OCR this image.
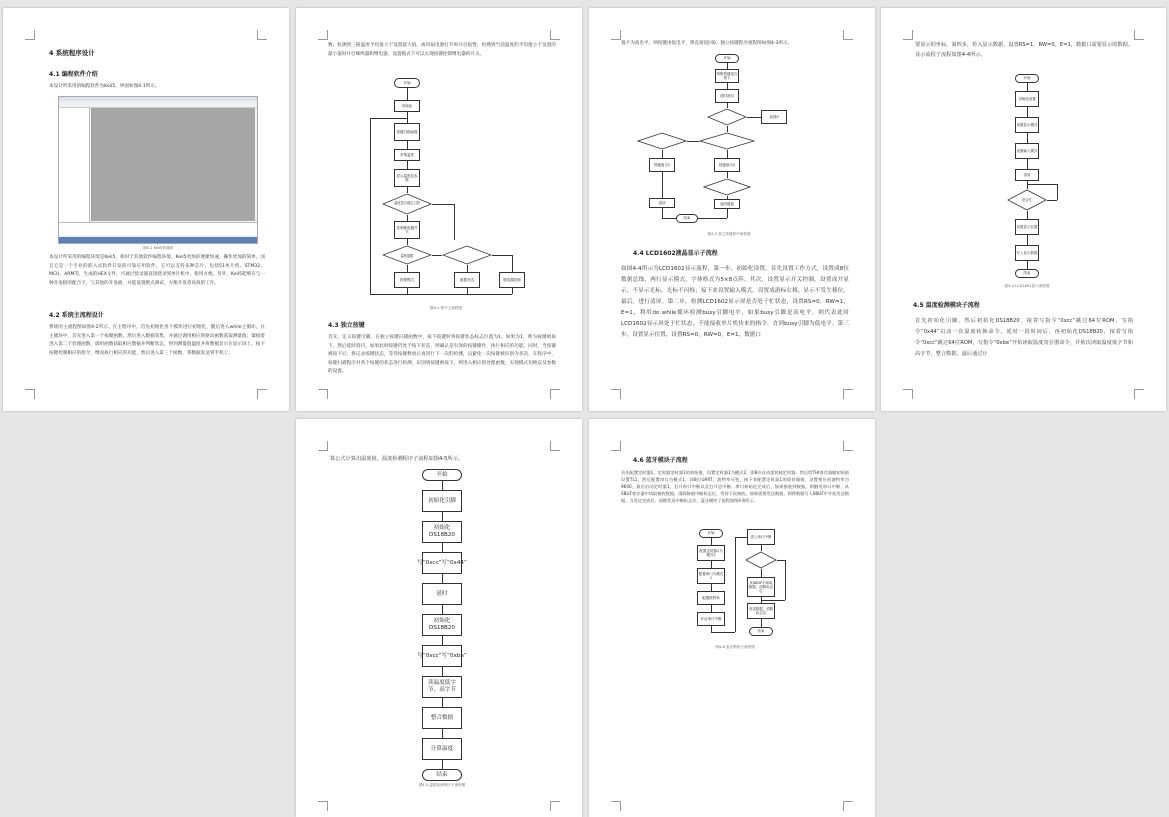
4 系统程序设计
4.1 编程软件介绍
本设计所采用的编程软件为Keil5，界面如图4-1所示。
图4-1 Keil5界面图
本设计所采用的编程环境是Keil5，相对于其他软件编程环境，Keil5更加的便捷快速，操作更加的简单，而且它是一个专业的嵌入式软件开发的可靠应用软件，它可以支持多种芯片，包括51单片机、STM32、MCU、ARM等，生成的HEX文件，可通过烧录器直接烧录到单片机中，使用方便。另外，Keil5能够在与一种开发板的配合下，与其他的开发板，并能设置断点调试，方便开发者高效的工作。
4.2 系统主流程设计
系统的主流程图如图4-2所示。在主程序中，首先初始化各个模块进行初始化，随后进入while主循环。在主循环中，首先进入第一个按键函数，然后进入数据采集，并通过调用相应的驱动函数获取测量值；紧接着进入第二个处理函数，调用函数获取相应数据并判断状态，得到测量值温度并将数据显示在显示屏上。按下按键控制相应的指令，继而执行相应的功能，然后进入第三个函数，将数据发送到手机上。
数，检测到三路温度平均值大于设置最大值，或风扇电源打开时开启报警，检测到当前温度的平均值小于设置的最小值时开启蜂鸣器和继电器，设置模式下可以实现按键控制继电器的开关。
开始
初始化
按键扫描函数
采集温度
显示温度及参数
温度是否超过上限
控制继电器开关
温度超限
报警模式	数据发送	继电器控制
图4-2 程序主流程图
4.3 独立按键
首先，定义按键引脚，在独立按键扫描函数中，按下按键时将按键状态标志位置为1，如果为1，则为按键被按下，然后延时消抖，如果此时按键仍处于按下状态，则确认是有效的按键操作，执行相应的功能。同时，当按键被按下后，将记录按键状态，等待按键释放后再进行下一次的检测，以避免一次按键被识别为多次。在程序中，按键扫描程序对各个按键的状态进行检测，识别到按键被按下，则进入相应的处理函数，实现模式切换以及参数的设置。
置不为高电平，则按键由低电平，则直接返回0。独立按键程序流程图如图4-3所示。
开始
判断按键是否按下
延时消抖
返回0
按键值为1	按键值为2
返回	返回键值
结束
图4-3 独立按键程序流程图
4.4 LCD1602液晶显示子流程
如图4-4所示为LCD1602显示流程，第一步，初始化设置，首先设置工作方式，设置成8位数据总线，两行显示模式，字体格式为5×8点阵。其次，设置显示开关控制，设置成开显示、不显示光标、光标不闪烁；接下来设置输入模式，设置成游标右移，显示不发生移位。最后，进行清屏。第二步，检测LCD1602显示屏是否处于忙状态，设置RS=0，RW=1，E=1，利用do while循环检测busy引脚电平，如果busy引脚是高电平，则代表此时LCD1602显示屏处于忙状态，不能接收单片机传来的指令，直到busy引脚为低电平。第三步，设置显示位置，设置RS=0，RW=0，E=1，数据口
要显示的坐标。第四步，传入显示数据，设置RS=1，RW=0，E=1，数据口需要显示的数据。显示流程子流程如图4-4所示。
开始
初始化设置
设置显示模式
设置输入模式
清屏
是否忙
设置显示位置
写入显示数据
结束
图4-4 LCD1602显示流程图
4.5 温度检测模块子流程
首先初始化引脚，然后初始化DS18B20，接着写指令“0xcc”跳过64位ROM，写指令“0x44”启动一次温度转换命令。延时一段时间后，再初始化DS18B20，接着写指令“0xcc”跳过64位ROM，写指令“0xbe”开始读取温度寄存器命令，并依次读取温度低字节和高字节，整合数据，最后通过计
算公式计算出温度值。温度检测程序子流程如图4-5所示。
图4-5 温度检测程序子流程图
开始
初始化引脚
初始化DS18B20
写“0xcc”写“0x44”
延时
初始化DS18B20
写“0xcc”写“0xbe”
读温度低字节、高字节
整合数据
计算温度
结束
4.6 蓝牙模块子流程
首先配置定时器1，定时器定时器1的初始值，设置定时器1为模式2，即8位自动重装载定时器，然后给THI寄存器赋初始值设置TL1，然后配置串口为模式1，即8位UART，波特率可变。接下来配置定时器1的重装载值，设置相应的波特率为9600，最后启动定时器1，打开串口中断以及打开总中断。串口初始化完成后，如果接收到数据，则触发串口中断，从SBUF寄存器中读取接收数据，清除接收中断标志位，等待下次接收。如果需要发送数据，则将数据写入SBUF中开始发送数据，当发送完成后，清除发送中断标志位。蓝牙模块子流程如图4-6所示。
开始
配置定时器1为模式2
配置串口为模式1
配置波特率
开启串口中断
进入串口中断
从SBUF中读取数据，清除标志位
发送数据，清除标志位
结束
图4-6 蓝牙模块子流程图
